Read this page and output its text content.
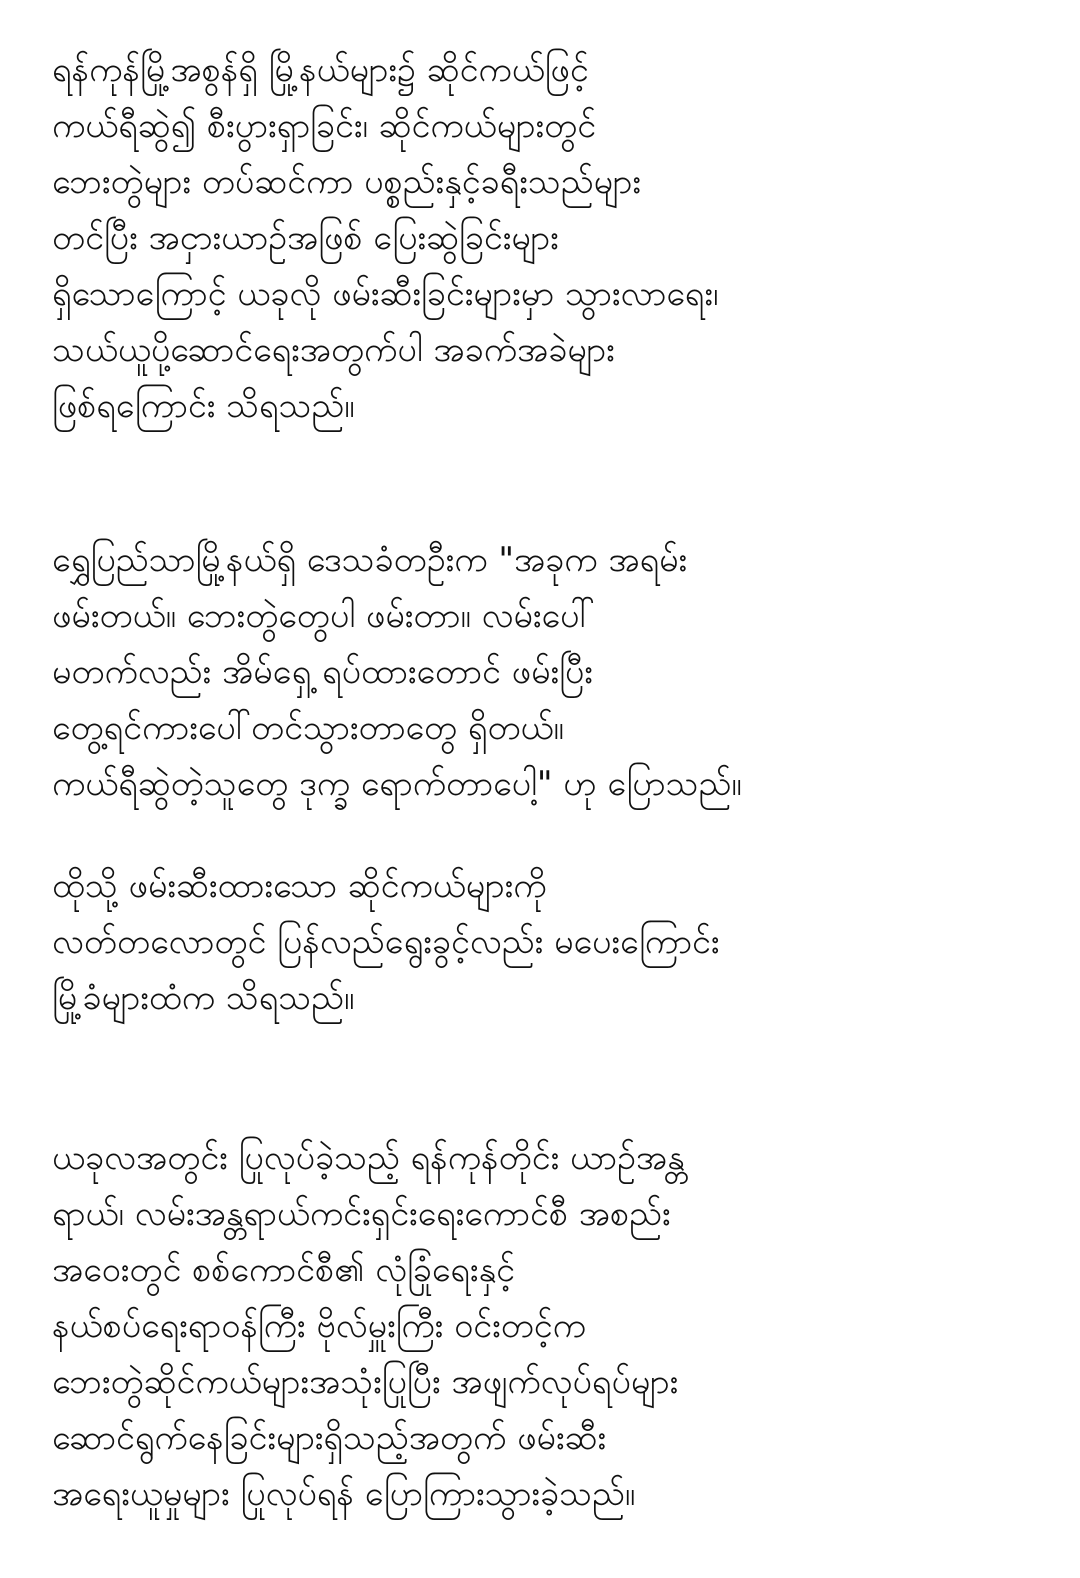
ရန်ကုန်မြို့အစွန်ရှိ မြို့နယ်များ၌ ဆိုင်ကယ်ဖြင့်
ကယ်ရီဆွဲ၍ စီးပွားရှာခြင်း၊ ဆိုင်ကယ်များတွင်
ဘေးတွဲများ တပ်ဆင်ကာ ပစ္စည်းနှင့်ခရီးသည်များ
တင်ပြီး အငှားယာဉ်အဖြစ် ပြေးဆွဲခြင်းများ
ရှိသောကြောင့် ယခုလို ဖမ်းဆီးခြင်းများမှာ သွားလာရေး၊
သယ်ယူပို့ဆောင်ရေးအတွက်ပါ အခက်အခဲများ
ဖြစ်ရကြောင်း သိရသည်။
ရွှေပြည်သာမြို့နယ်ရှိ ဒေသခံတဦးက "အခုက အရမ်း
ဖမ်းတယ်။ ဘေးတွဲတွေပါ ဖမ်းတာ။ လမ်းပေါ်
မတက်လည်း အိမ်ရှေ့ ရပ်ထားတောင် ဖမ်းပြီး
တွေ့ရင်ကားပေါ်တင်သွားတာတွေ ရှိတယ်။
ကယ်ရီဆွဲတဲ့သူတွေ ဒုက္ခ ရောက်တာပေါ့" ဟု ပြောသည်။
ထိုသို့ ဖမ်းဆီးထားသော ဆိုင်ကယ်များကို
လတ်တလောတွင် ပြန်လည်ရွေးခွင့်လည်း မပေးကြောင်း
မြို့ခံများထံက သိရသည်။
ယခုလအတွင်း ပြုလုပ်ခဲ့သည့် ရန်ကုန်တိုင်း ယာဉ်အန္တ
ရာယ်၊ လမ်းအန္တရာယ်ကင်းရှင်းရေးကောင်စီ အစည်း
အဝေးတွင် စစ်ကောင်စီ၏ လုံခြုံရေးနှင့်
နယ်စပ်ရေးရာဝန်ကြီး ဗိုလ်မှူးကြီး ဝင်းတင့်က
ဘေးတွဲဆိုင်ကယ်များအသုံးပြုပြီး အဖျက်လုပ်ရပ်များ
ဆောင်ရွက်နေခြင်းများရှိသည့်အတွက် ဖမ်းဆီး
အရေးယူမှုများ ပြုလုပ်ရန် ပြောကြားသွားခဲ့သည်။
